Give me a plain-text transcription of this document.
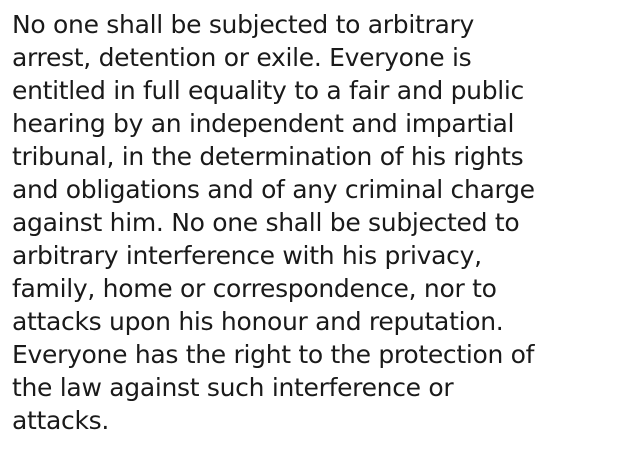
No one shall be subjected to arbitrary
arrest, detention or exile. Everyone is
entitled in full equality to a fair and public
hearing by an independent and impartial
tribunal, in the determination of his rights
and obligations and of any criminal charge
against him. No one shall be subjected to
arbitrary interference with his privacy,
family, home or correspondence, nor to
attacks upon his honour and reputation.
Everyone has the right to the protection of
the law against such interference or
attacks.
